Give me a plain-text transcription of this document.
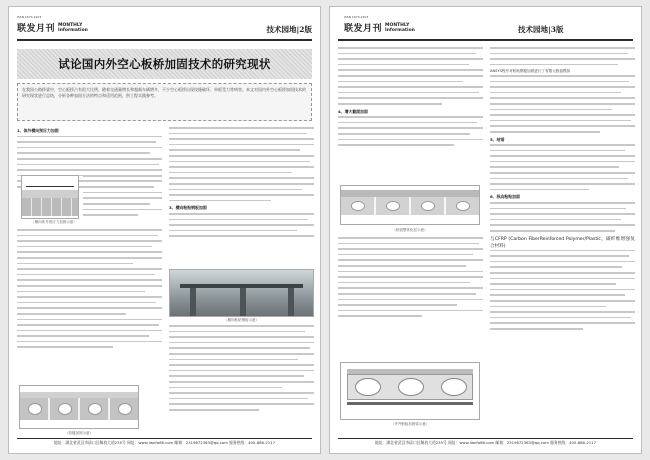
ISSN 1673-2103
联发月刊 MONTHLY
Information	技术园地|2版
试论国内外空心板桥加固技术的研究现状
在我国公路桥梁中，空心板桥占有很大比例，随着交通量增长和超载车辆增多，不少空心板桥出现铰缝破坏、单板受力等病害。本文对国内外空心板桥加固技术的研究现状进行总结，分析各种加固方法的特点和适用范围，供工程实践参考。
1、体外横向预应力加固
（横向体外预应力加固示意）
（铰缝加固示意）
3、横向粘贴钢板加固
（横向粘贴钢板示意）
地址：湖北省武汉市硚口区解放大道235号 网址：www.lianfa66.com 邮箱：2319672363@qq.com 服务热线：400-886-2117
技术园地|3版
ISSN 1673-2103
联发月刊 MONTHLY
Information
4、增大截面加固
（桥面整体化层示意）
（齐齐钢板加固梁示意）
ANSYS程序对粘贴钢板加固进行了有限元数值模拟
5、结语
6、纵向粘贴加固
与CFRP (Carbon FiberReinforced Polymer/Plastic，碳纤维增强复合材料)
地址：湖北省武汉市硚口区解放大道235号 网址：www.lianfa66.com 邮箱：2319672363@qq.com 服务热线：400-886-2117
